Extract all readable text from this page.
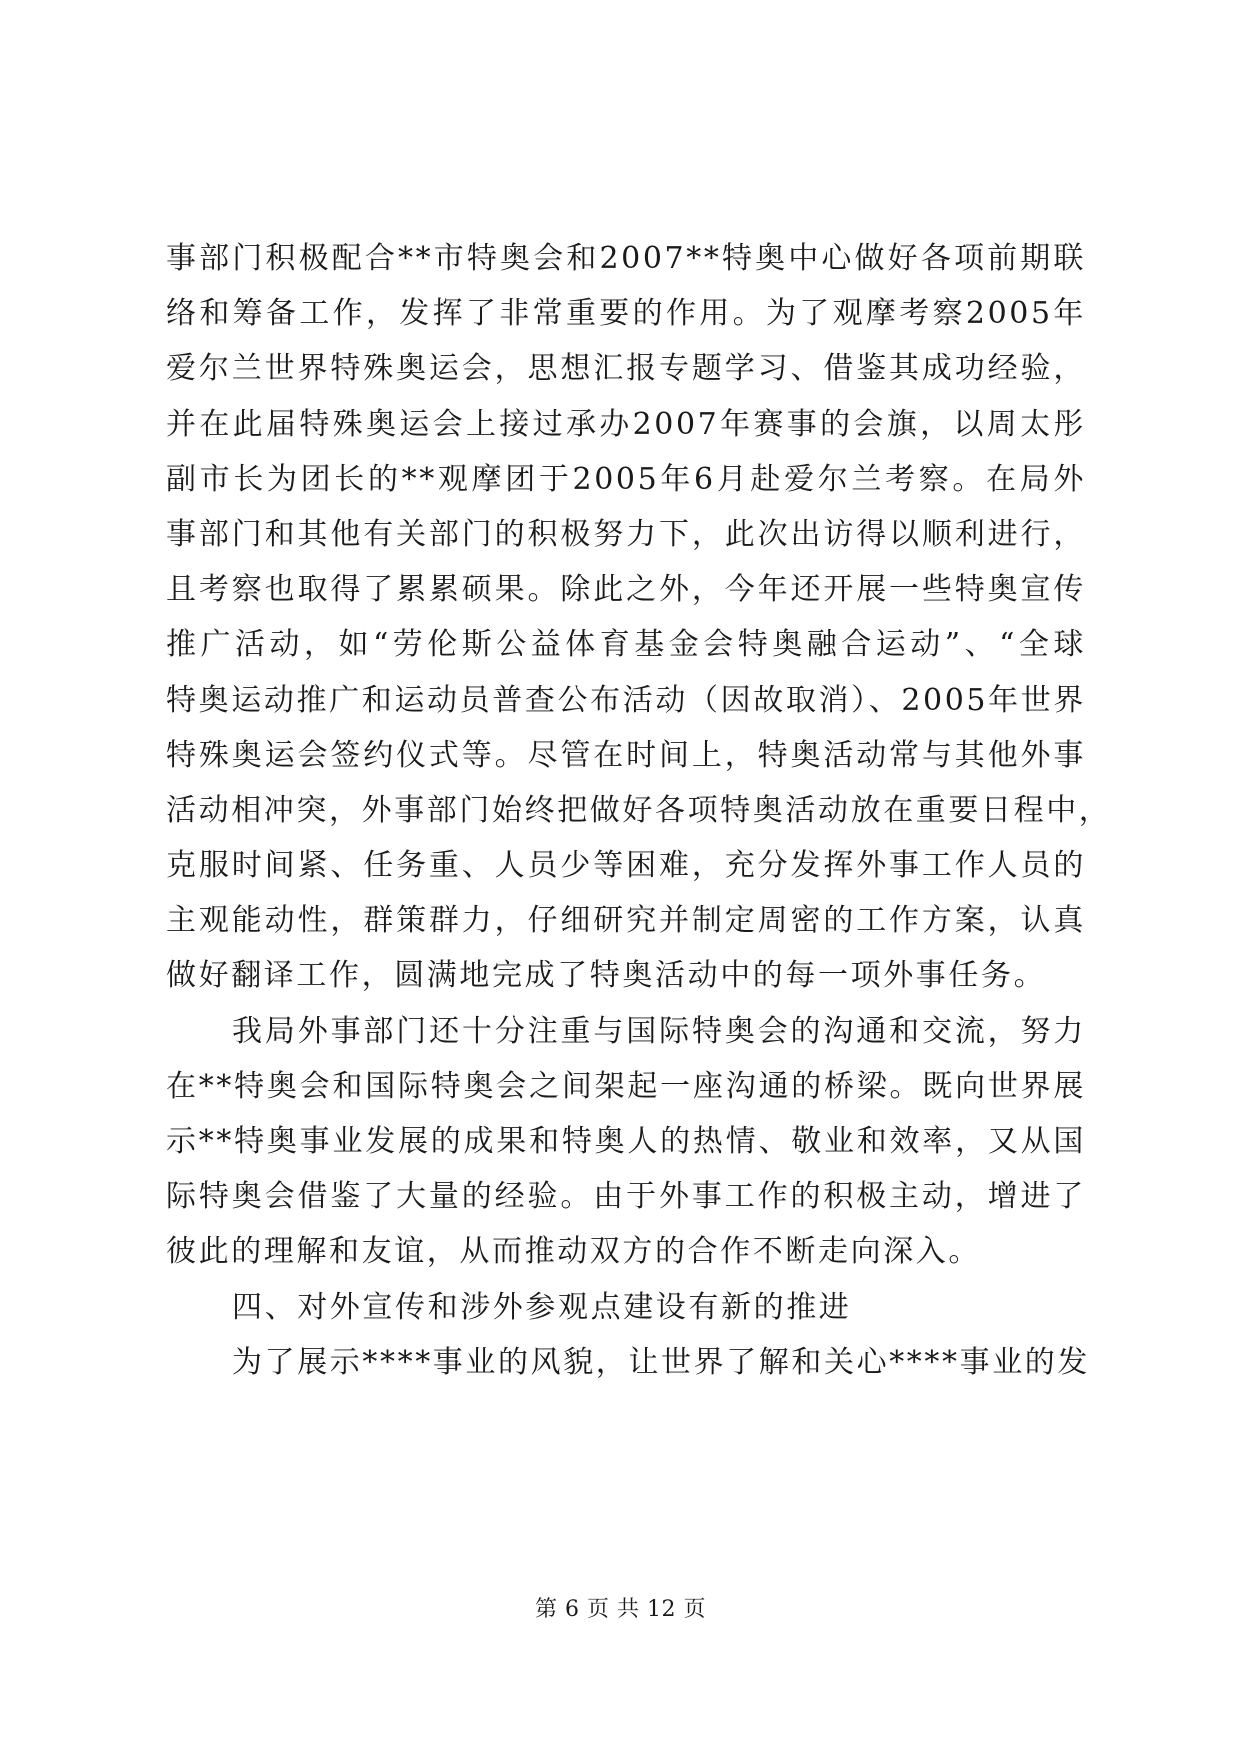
事部门积极配合**市特奥会和2007**特奥中心做好各项前期联
络和筹备工作，发挥了非常重要的作用。为了观摩考察2005年
爱尔兰世界特殊奥运会，思想汇报专题学习、借鉴其成功经验，
并在此届特殊奥运会上接过承办2007年赛事的会旗，以周太彤
副市长为团长的**观摩团于2005年6月赴爱尔兰考察。在局外
事部门和其他有关部门的积极努力下，此次出访得以顺利进行，
且考察也取得了累累硕果。除此之外，今年还开展一些特奥宣传
推广活动，如“劳伦斯公益体育基金会特奥融合运动”、“全球
特奥运动推广和运动员普查公布活动（因故取消）、2005年世界
特殊奥运会签约仪式等。尽管在时间上，特奥活动常与其他外事
活动相冲突，外事部门始终把做好各项特奥活动放在重要日程中，
克服时间紧、任务重、人员少等困难，充分发挥外事工作人员的
主观能动性，群策群力，仔细研究并制定周密的工作方案，认真
做好翻译工作，圆满地完成了特奥活动中的每一项外事任务。
我局外事部门还十分注重与国际特奥会的沟通和交流，努力
在**特奥会和国际特奥会之间架起一座沟通的桥梁。既向世界展
示**特奥事业发展的成果和特奥人的热情、敬业和效率，又从国
际特奥会借鉴了大量的经验。由于外事工作的积极主动，增进了
彼此的理解和友谊，从而推动双方的合作不断走向深入。
四、对外宣传和涉外参观点建设有新的推进
为了展示****事业的风貌，让世界了解和关心****事业的发
第 6 页 共 12 页
